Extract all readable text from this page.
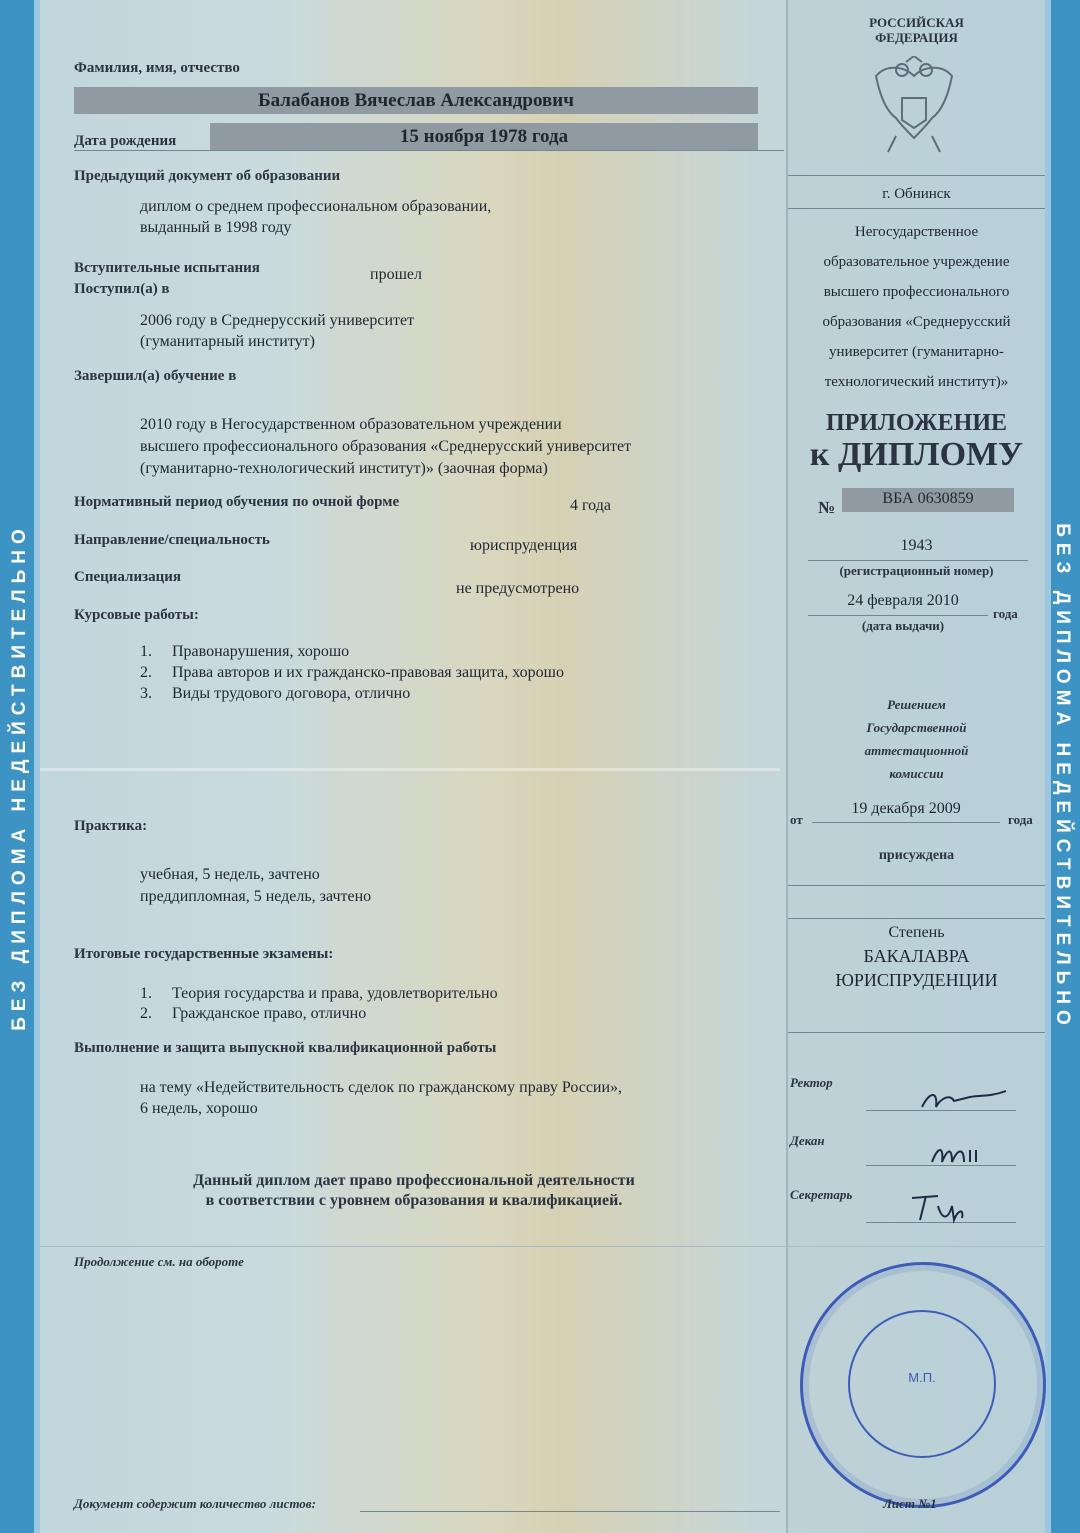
БЕЗ ДИПЛОМА НЕДЕЙСТВИТЕЛЬНО	БЕЗ ДИПЛОМА НЕДЕЙСТВИТЕЛЬНО
Фамилия, имя, отчество
Балабанов Вячеслав Александрович
Дата рождения	15 ноября 1978 года
Предыдущий документ об образовании
диплом о среднем профессиональном образовании,
выданный в 1998 году
Вступительные испытания	прошел
Поступил(а) в
2006 году в Среднерусский университет
(гуманитарный институт)
Завершил(а) обучение в
2010 году в Негосударственном образовательном учреждении
высшего профессионального образования «Среднерусский университет
(гуманитарно-технологический институт)» (заочная форма)
Нормативный период обучения по очной форме	4 года
Направление/специальность	юриспруденция
Специализация
не предусмотрено
Курсовые работы:
1. Правонарушения, хорошо
2. Права авторов и их гражданско-правовая защита, хорошо
3. Виды трудового договора, отлично
Практика:
учебная, 5 недель, зачтено
преддипломная, 5 недель, зачтено
Итоговые государственные экзамены:
1. Теория государства и права, удовлетворительно
2. Гражданское право, отлично
Выполнение и защита выпускной квалификационной работы
на тему «Недействительность сделок по гражданскому праву России»,
6 недель, хорошо
Данный диплом дает право профессиональной деятельности
в соответствии с уровнем образования и квалификацией.
Продолжение см. на обороте
Документ содержит количество листов:
РОССИЙСКАЯ
ФЕДЕРАЦИЯ
г. Обнинск
Негосударственное
образовательное учреждение
высшего профессионального
образования «Среднерусский
университет (гуманитарно-
технологический институт)»
ПРИЛОЖЕНИЕ
к ДИПЛОМУ
№	ВБА 0630859
1943
(регистрационный номер)
24 февраля 2010
года
(дата выдачи)
Решением
Государственной
аттестационной
комиссии
от
19 декабря 2009
года
присуждена
Степень
БАКАЛАВРА
ЮРИСПРУДЕНЦИИ
Ректор
Декан
Секретарь
М.П.
Лист №1
